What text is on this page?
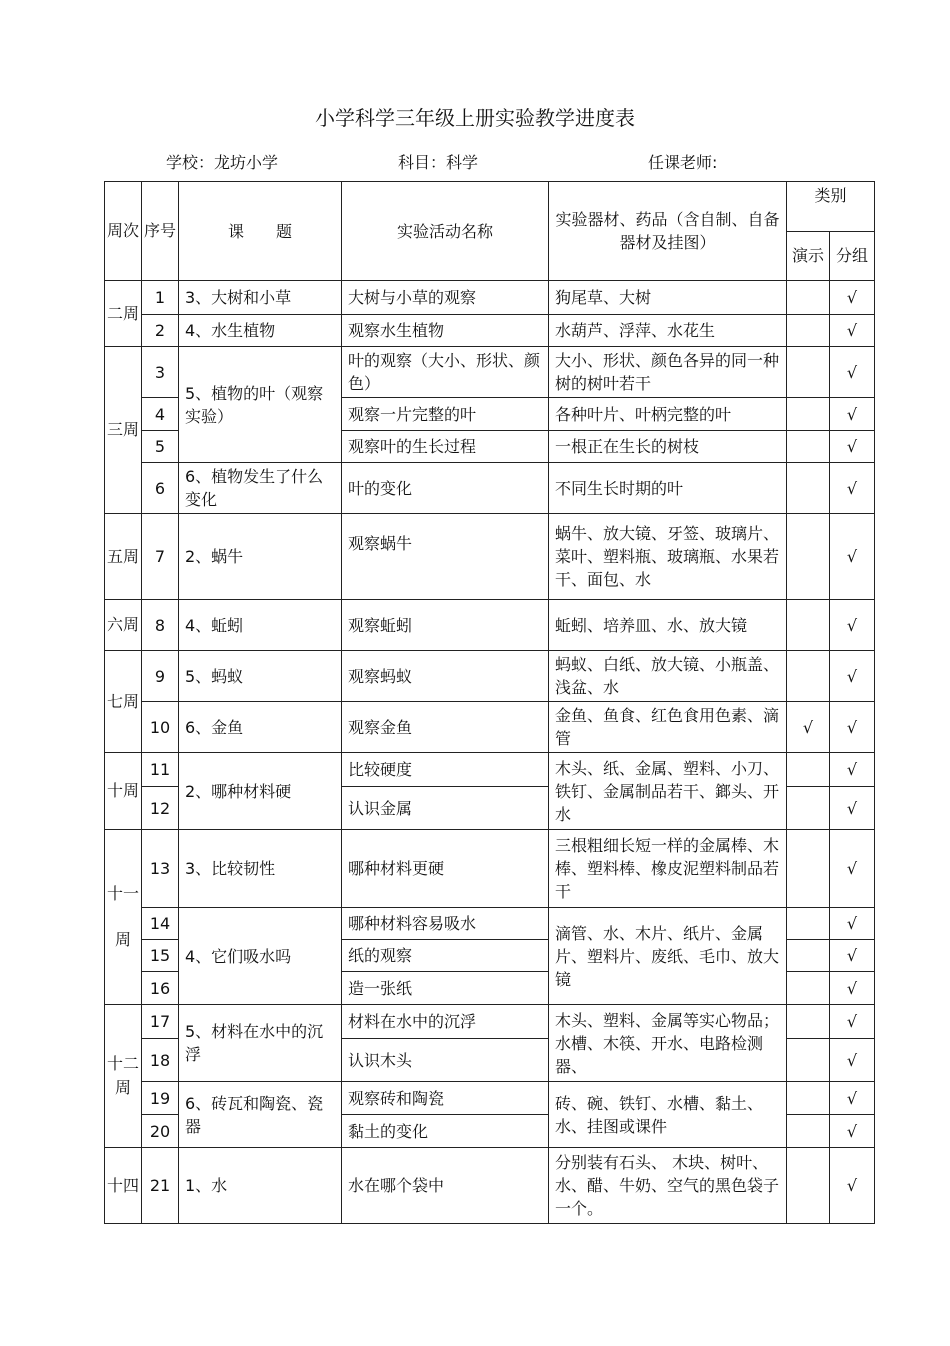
小学科学三年级上册实验教学进度表
学校：龙坊小学	科目：科学	任课老师:
周次	序号	课　　题	实验活动名称	实验器材、药品（含自制、自备器材及挂图）	类别	
					演示	分组
二周	1	3、大树和小草	大树与小草的观察	狗尾草、大树		√
	2	4、水生植物	观察水生植物	水葫芦、浮萍、水花生		√
三周	3	5、植物的叶（观察实验）	叶的观察（大小、形状、颜色）	大小、形状、颜色各异的同一种树的树叶若干		√
	4		观察一片完整的叶	各种叶片、叶柄完整的叶		√
	5		观察叶的生长过程	一根正在生长的树枝		√
	6	6、植物发生了什么变化	叶的变化	不同生长时期的叶		√
五周	7	2、蜗牛	观察蜗牛	蜗牛、放大镜、牙签、玻璃片、菜叶、塑料瓶、玻璃瓶、水果若干、面包、水		√
六周	8	4、蚯蚓	观察蚯蚓	蚯蚓、培养皿、水、放大镜		√
七周	9	5、蚂蚁	观察蚂蚁	蚂蚁、白纸、放大镜、小瓶盖、浅盆、水		√
	10	6、金鱼	观察金鱼	金鱼、鱼食、红色食用色素、滴管	√	√
十周	11	2、哪种材料硬	比较硬度	木头、纸、金属、塑料、小刀、铁钉、金属制品若干、鎯头、开水		√
	12		认识金属			√
十一周	13	3、比较韧性	哪种材料更硬	三根粗细长短一样的金属棒、木棒、塑料棒、橡皮泥塑料制品若干		√
	14	4、它们吸水吗	哪种材料容易吸水	滴管、水、木片、纸片、金属片、塑料片、废纸、毛巾、放大镜		√
	15		纸的观察			√
	16		造一张纸			√
十二周	17	5、材料在水中的沉浮	材料在水中的沉浮	木头、塑料、金属等实心物品；水槽、木筷、开水、电路检测器、		√
	18		认识木头			√
	19	6、砖瓦和陶瓷、瓷器	观察砖和陶瓷	砖、碗、铁钉、水槽、黏土、水、挂图或课件		√
	20		黏土的变化			√
十四	21	1、水	水在哪个袋中	分别装有石头、 木块、树叶、水、醋、牛奶、空气的黑色袋子一个。		√
